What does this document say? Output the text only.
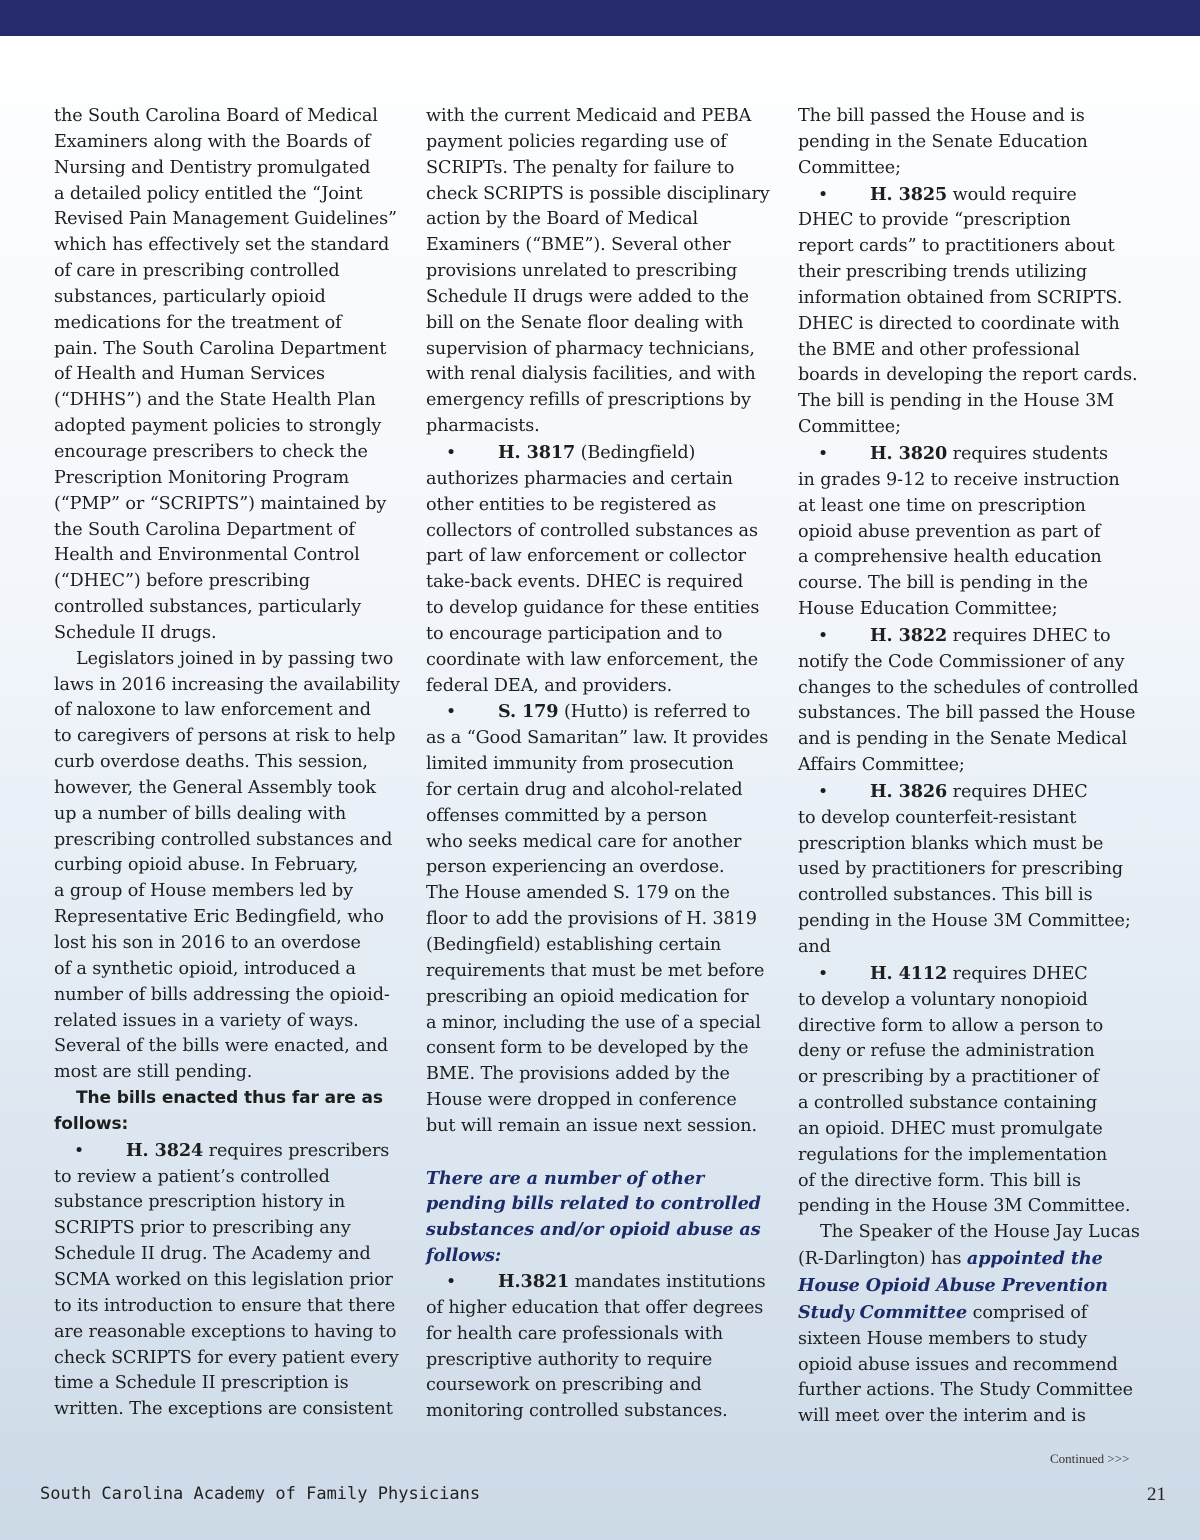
the South Carolina Board of Medical
Examiners along with the Boards of
Nursing and Dentistry promulgated
a detailed policy entitled the “Joint
Revised Pain Management Guidelines”
which has effectively set the standard
of care in prescribing controlled
substances, particularly opioid
medications for the treatment of
pain. The South Carolina Department
of Health and Human Services
(“DHHS”) and the State Health Plan
adopted payment policies to strongly
encourage prescribers to check the
Prescription Monitoring Program
(“PMP” or “SCRIPTS”) maintained by
the South Carolina Department of
Health and Environmental Control
(“DHEC”) before prescribing
controlled substances, particularly
Schedule II drugs.

Legislators joined in by passing two
laws in 2016 increasing the availability
of naloxone to law enforcement and
to caregivers of persons at risk to help
curb overdose deaths. This session,
however, the General Assembly took
up a number of bills dealing with
prescribing controlled substances and
curbing opioid abuse. In February,
a group of House members led by
Representative Eric Bedingfield, who
lost his son in 2016 to an overdose
of a synthetic opioid, introduced a
number of bills addressing the opioid-
related issues in a variety of ways.
Several of the bills were enacted, and
most are still pending.

The bills enacted thus far are as
follows:

•H. 3824 requires prescribers
to review a patient’s controlled
substance prescription history in
SCRIPTS prior to prescribing any
Schedule II drug. The Academy and
SCMA worked on this legislation prior
to its introduction to ensure that there
are reasonable exceptions to having to
check SCRIPTS for every patient every
time a Schedule II prescription is
written. The exceptions are consistent

with the current Medicaid and PEBA
payment policies regarding use of
SCRIPTs. The penalty for failure to
check SCRIPTS is possible disciplinary
action by the Board of Medical
Examiners (“BME”). Several other
provisions unrelated to prescribing
Schedule II drugs were added to the
bill on the Senate floor dealing with
supervision of pharmacy technicians,
with renal dialysis facilities, and with
emergency refills of prescriptions by
pharmacists.

•H. 3817 (Bedingfield)
authorizes pharmacies and certain
other entities to be registered as
collectors of controlled substances as
part of law enforcement or collector
take-back events. DHEC is required
to develop guidance for these entities
to encourage participation and to
coordinate with law enforcement, the
federal DEA, and providers.

•S. 179 (Hutto) is referred to
as a “Good Samaritan” law. It provides
limited immunity from prosecution
for certain drug and alcohol-related
offenses committed by a person
who seeks medical care for another
person experiencing an overdose.
The House amended S. 179 on the
floor to add the provisions of H. 3819
(Bedingfield) establishing certain
requirements that must be met before
prescribing an opioid medication for
a minor, including the use of a special
consent form to be developed by the
BME. The provisions added by the
House were dropped in conference
but will remain an issue next session.

There are a number of other
pending bills related to controlled
substances and/or opioid abuse as
follows:

•H.3821 mandates institutions
of higher education that offer degrees
for health care professionals with
prescriptive authority to require
coursework on prescribing and
monitoring controlled substances.

The bill passed the House and is
pending in the Senate Education
Committee;

•H. 3825 would require
DHEC to provide “prescription
report cards” to practitioners about
their prescribing trends utilizing
information obtained from SCRIPTS.
DHEC is directed to coordinate with
the BME and other professional
boards in developing the report cards.
The bill is pending in the House 3M
Committee;

•H. 3820 requires students
in grades 9-12 to receive instruction
at least one time on prescription
opioid abuse prevention as part of
a comprehensive health education
course. The bill is pending in the
House Education Committee;

•H. 3822 requires DHEC to
notify the Code Commissioner of any
changes to the schedules of controlled
substances. The bill passed the House
and is pending in the Senate Medical
Affairs Committee;

•H. 3826 requires DHEC
to develop counterfeit-resistant
prescription blanks which must be
used by practitioners for prescribing
controlled substances. This bill is
pending in the House 3M Committee;
and

•H. 4112 requires DHEC
to develop a voluntary nonopioid
directive form to allow a person to
deny or refuse the administration
or prescribing by a practitioner of
a controlled substance containing
an opioid. DHEC must promulgate
regulations for the implementation
of the directive form. This bill is
pending in the House 3M Committee.

The Speaker of the House Jay Lucas
(R-Darlington) has appointed the
House Opioid Abuse Prevention
Study Committee comprised of
sixteen House members to study
opioid abuse issues and recommend
further actions. The Study Committee
will meet over the interim and is

Continued >>>
South Carolina Academy of Family Physicians	21
